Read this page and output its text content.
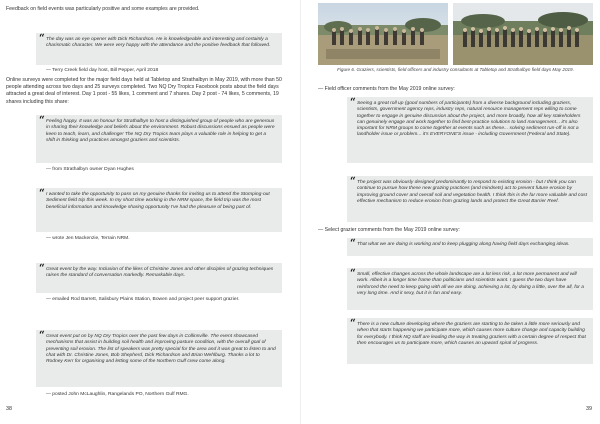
Feedback on field events was particularly positive and some examples are provided.
“ The day was an eye opener with Dick Richardson. He is knowledgeable and interesting and certainly a charismatic character. We were very happy with the attendance and the positive feedback that followed.
— Terry Creek field day host, Bill Pepper, April 2018
Online surveys were completed for the major field days held at Tabletop and Strathalbyn in May 2019, with more than 50 people attending across two days and 25 surveys completed. Two NQ Dry Tropics Facebook posts about the field days attracted a great deal of interest. Day 1 post - 55 likes, 1 comment and 7 shares. Day 2 post - 74 likes, 5 comments, 19 shares including this share:
“ Feeling happy. It was an honour for Strathalbyn to host a distinguished group of people who are generous in sharing their knowledge and beliefs about the environment. Robust discussions ensued as people were keen to teach, learn, and challenge! The NQ Dry Tropics team plays a valuable role in helping to get a shift in thinking and practices amongst graziers and scientists.
— from Strathalbyn owner Dyan Hughes
“ I wanted to take the opportunity to pass on my genuine thanks for inviting us to attend the Stomping-out Sediment field trip this week. In my short time working in the NRM space, the field trip was the most beneficial information and knowledge sharing opportunity I've had the pleasure of being part of.
— wrote Jen Mackenzie, Terrain NRM.
“ Great event by the way. Inclusion of the likes of Christine Jones and other disciples of grazing techniques raises the standard of conversation markedly. Remarkable days.
— emailed Rod Barrett, Salisbury Plains Station, Bowen and project peer support grazier.
“ Great event put on by NQ Dry Tropics over the past few days in Collinsville. The event showcased mechanisms that assist in building soil health and improving pasture condition, with the overall goal of preventing soil erosion. The list of speakers was pretty special for the area and it was great to listen to and chat with Dr. Christine Jones, Bob Shepherd, Dick Richardson and Brian Wehlburg. Thanks a lot to Rodney Kerr for organising and letting some of the Northern Gulf crew come along.
— posted John McLaughlin, Rangelands PO, Northern Gulf RMG.
38
Figure 6. Graziers, scientists, field officers and industry consultants at Tabletop and Strathalbyn field days May 2019.
— Field officer comments from the May 2019 online survey:
“ Seeing a great roll up (good numbers of participants) from a diverse background including graziers, scientists, government agency reps, industry reps, natural resource management reps willing to come together to engage in genuine discussion about the project, and more broadly, how all key stakeholders can genuinely engage and work together to find best-practice solutions to land management... it's also important for NRM groups to come together at events such as these... solving sediment run-off is not a landholder issue or problem... it's EVERYONE'S issue - including Government (Federal and State).
“ The project was obviously designed predominantly to respond to existing erosion - but I think you can continue to pursue how these new grazing practices (and mindsets) act to prevent future erosion by improving ground cover and overall soil and vegetation health. I think this is the far more valuable and cost effective mechanism to reduce erosion from grazing lands and protect the Great Barrier Reef.
— Select grazier comments from the May 2019 online survey:
“ That what we are doing is working and to keep plugging along having field days exchanging ideas.
“ Small, effective changes across the whole landscape are a lot less risk, a lot more permanent and will work. Albeit in a longer time frame than politicians and scientists want. I guess the two days have reinforced the need to keep going with all we are doing, achieving a lot, by doing a little, over the all, for a very long time. And it sexy, but it is fun and easy.
“ There is a new culture developing where the graziers are starting to be taken a little more seriously and when that starts happening we participate more, which causes more culture change and capacity building for everybody. I think NQ staff are leading the way in treating graziers with a certain degree of respect that then encourages us to participate more, which causes an upward spiral of progress.
39
